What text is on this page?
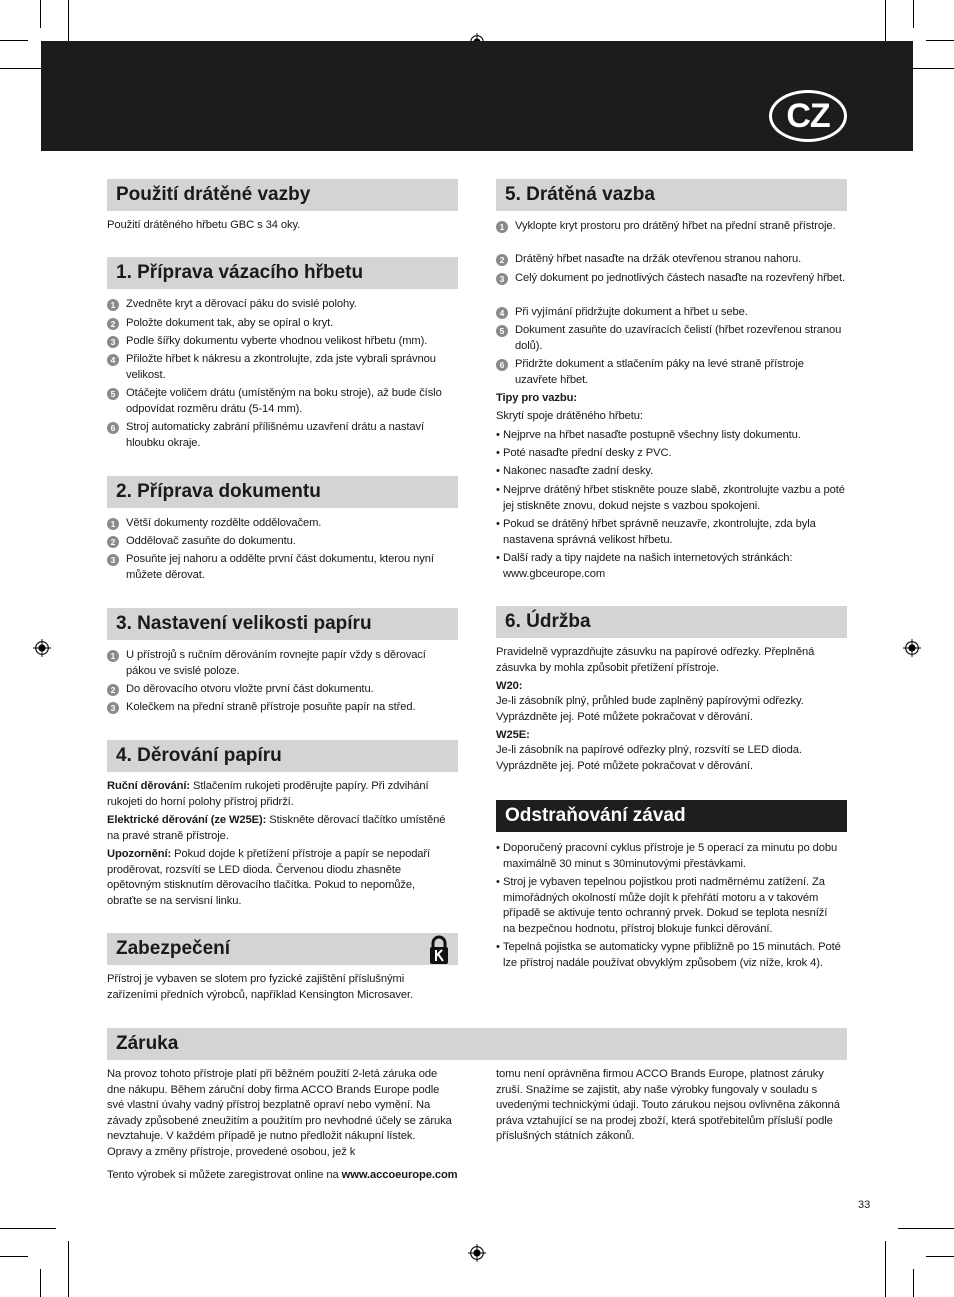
CZ
Použití drátěné vazby
Použití drátěného hřbetu GBC s 34 oky.
1. Příprava vázacího hřbetu
1 Zvedněte kryt a děrovací páku do svislé polohy.
2 Položte dokument tak, aby se opíral o kryt.
3 Podle šířky dokumentu vyberte vhodnou velikost hřbetu (mm).
4 Přiložte hřbet k nákresu a zkontrolujte, zda jste vybrali správnou velikost.
5 Otáčejte voličem drátu (umístěným na boku stroje), až bude číslo odpovídat rozměru drátu (5-14 mm).
6 Stroj automaticky zabrání přílišnému uzavření drátu a nastaví hloubku okraje.
2. Příprava dokumentu
1 Větší dokumenty rozdělte oddělovačem.
2 Oddělovač zasuňte do dokumentu.
3 Posuňte jej nahoru a oddělte první část dokumentu, kterou nyní můžete děrovat.
3. Nastavení velikosti papíru
1 U přístrojů s ručním děrováním rovnejte papír vždy s děrovací pákou ve svislé poloze.
2 Do děrovacího otvoru vložte první část dokumentu.
3 Kolečkem na přední straně přístroje posuňte papír na střed.
4. Děrování papíru
Ruční děrování: Stlačením rukojeti proděrujte papíry. Při zdvihání rukojeti do horní polohy přístroj přidrží.
Elektrické děrování (ze W25E): Stiskněte děrovací tlačítko umístěné na pravé straně přístroje.
Upozornění: Pokud dojde k přetížení přístroje a papír se nepodaří proděrovat, rozsvítí se LED dioda. Červenou diodu zhasněte opětovným stisknutím děrovacího tlačítka. Pokud to nepomůže, obraťte se na servisní linku.
Zabezpečení
Přístroj je vybaven se slotem pro fyzické zajištění příslušnými zařízeními předních výrobců, například Kensington Microsaver.
5. Drátěná vazba
1 Vyklopte kryt prostoru pro drátěný hřbet na přední straně přístroje.
2 Drátěný hřbet nasaďte na držák otevřenou stranou nahoru.
3 Celý dokument po jednotlivých částech nasaďte na rozevřený hřbet.
4 Při vyjímání přidržujte dokument a hřbet u sebe.
5 Dokument zasuňte do uzavíracích čelistí (hřbet rozevřenou stranou dolů).
6 Přidržte dokument a stlačením páky na levé straně přístroje uzavřete hřbet.
Tipy pro vazbu:
Skrytí spoje drátěného hřbetu:
• Nejprve na hřbet nasaďte postupně všechny listy dokumentu.
• Poté nasaďte přední desky z PVC.
• Nakonec nasaďte zadní desky.
• Nejprve drátěný hřbet stiskněte pouze slabě, zkontrolujte vazbu a poté jej stiskněte znovu, dokud nejste s vazbou spokojeni.
• Pokud se drátěný hřbet správně neuzavře, zkontrolujte, zda byla nastavena správná velikost hřbetu.
• Další rady a tipy najdete na našich internetových stránkách: www.gbceurope.com
6. Údržba
Pravidelně vyprazdňujte zásuvku na papírové odřezky. Přeplněná zásuvka by mohla způsobit přetížení přístroje.
W20:
Je-li zásobník plný, průhled bude zaplněný papírovými odřezky. Vyprázdněte jej. Poté můžete pokračovat v děrování.
W25E:
Je-li zásobník na papírové odřezky plný, rozsvítí se LED dioda. Vyprázdněte jej. Poté můžete pokračovat v děrování.
Odstraňování závad
• Doporučený pracovní cyklus přístroje je 5 operací za minutu po dobu maximálně 30 minut s 30minutovými přestávkami.
• Stroj je vybaven tepelnou pojistkou proti nadměrnému zatížení. Za mimořádných okolností může dojít k přehřátí motoru a v takovém případě se aktivuje tento ochranný prvek. Dokud se teplota nesníží na bezpečnou hodnotu, přístroj blokuje funkci děrování.
• Tepelná pojistka se automaticky vypne přibližně po 15 minutách. Poté lze přístroj nadále používat obvyklým způsobem (viz níže, krok 4).
Záruka
Na provoz tohoto přístroje platí při běžném použití 2-letá záruka ode dne nákupu. Během záruční doby firma ACCO Brands Europe podle své vlastní úvahy vadný přístroj bezplatně opraví nebo vymění. Na závady způsobené zneužitím a použitím pro nevhodné účely se záruka nevztahuje. V každém případě je nutno předložit nákupní lístek. Opravy a změny přístroje, provedené osobou, jež k
tomu není oprávněna firmou ACCO Brands Europe, platnost záruky zruší. Snažíme se zajistit, aby naše výrobky fungovaly v souladu s uvedenými technickými údaji. Touto zárukou nejsou ovlivněna zákonná práva vztahující se na prodej zboží, která spotřebitelům přísluší podle příslušných státních zákonů.
Tento výrobek si můžete zaregistrovat online na www.accoeurope.com
33
